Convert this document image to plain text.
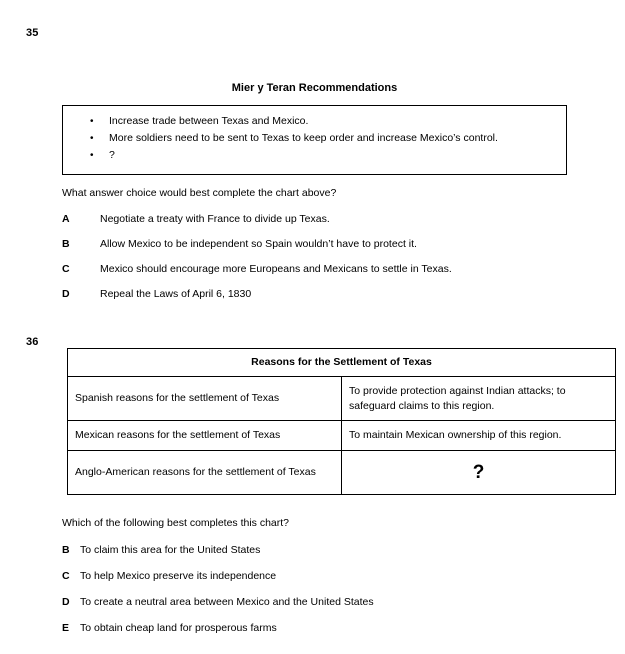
35
Mier y Teran Recommendations
• Increase trade between Texas and Mexico.
• More soldiers need to be sent to Texas to keep order and increase Mexico’s control.
• ?
What answer choice would best complete the chart above?
A	Negotiate a treaty with France to divide up Texas.
B	Allow Mexico to be independent so Spain wouldn’t have to protect it.
C	Mexico should encourage more Europeans and Mexicans to settle in Texas.
D	Repeal the Laws of April 6, 1830
36
Reasons for the Settlement of Texas	
Spanish reasons for the settlement of Texas	To provide protection against Indian attacks; to safeguard claims to this region.
Mexican reasons for the settlement of Texas	To maintain Mexican ownership of this region.
Anglo-American reasons for the settlement of Texas	?
Which of the following best completes this chart?
B To claim this area for the United States
C To help Mexico preserve its independence
D To create a neutral area between Mexico and the United States
E To obtain cheap land for prosperous farms
